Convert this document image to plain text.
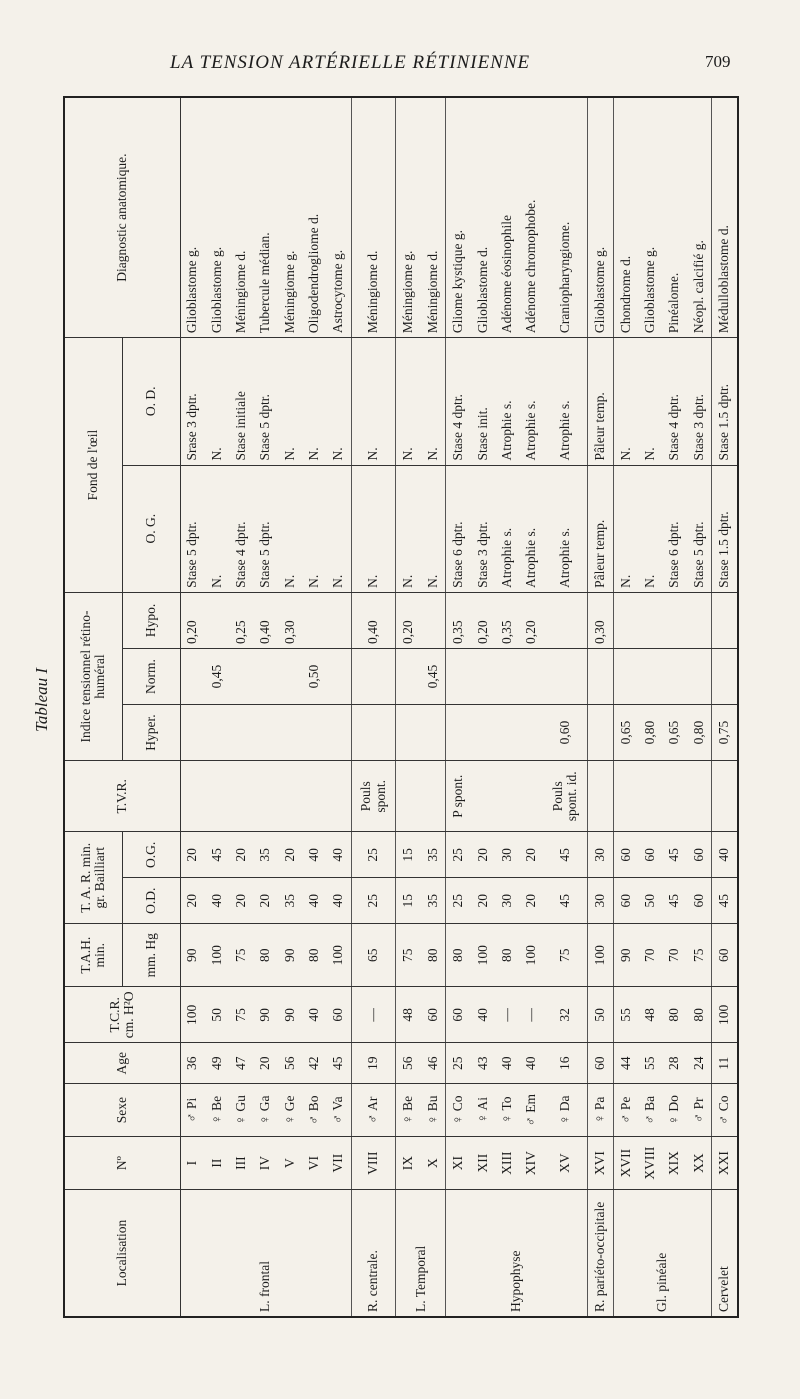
LA TENSION ARTÉRIELLE RÉTINIENNE	709
Tableau I
Localisation	Nº	Sexe	Age	T.C.R. cm. H²O	T.A.H. min.	T. A. R. min. gr. Bailliart		T.V.R.	Indice tensionnel rétino-huméral			Fond de l'œil		Diagnostic anatomique.
					mm. Hg	O.D.	O.G.		Hyper.	Norm.	Hypo.	O. G.	O. D.	
L. frontal	I	♂ Pi	36	100	90	20	20				0,20	Stase 5 dptr.	Srase 3 dptr.	Glioblastome g.
	II	♀ Be	49	50	100	40	45			0,45		N.	N.	Glioblastome g.
	III	♀ Gu	47	75	75	20	20				0,25	Stase 4 dptr.	Stase initiale	Méningiome d.
	IV	♀ Ga	20	90	80	20	35				0,40	Stase 5 dptr.	Stase 5 dptr.	Tubercule médian.
	V	♀ Ge	56	90	90	35	20				0,30	N.	N.	Méningiome g.
	VI	♂ Bo	42	40	80	40	40			0,50		N.	N.	Oligodendrogliome d.
	VII	♂ Va	45	60	100	40	40					N.	N.	Astrocytome g.
R. centrale.	VIII	♂ Ar	19	—	65	25	25	Pouls spont.			0,40	N.	N.	Méningiome d.
L. Temporal	IX	♀ Be	56	48	75	15	15				0,20	N.	N.	Méningiome g.
	X	♀ Bu	46	60	80	35	35			0,45		N.	N.	Méningiome d.
Hypophyse	XI	♀ Co	25	60	80	25	25	P spont.			0,35	Stase 6 dptr.	Stase 4 dptr.	Gliome kystique g.
	XII	♀ Ai	43	40	100	20	20				0,20	Stase 3 dptr.	Stase init.	Glioblastome d.
	XIII	♀ To	40	—	80	30	30				0,35	Atrophie s.	Atrophie s.	Adénome éosinophile
	XIV	♂ Em	40	—	100	20	20				0,20	Atrophie s.	Atrophie s.	Adénome chromophobe.
	XV	♀ Da	16	32	75	45	45	Pouls spont. id.	0,60			Atrophie s.	Atrophie s.	Craniopharyngiome.
R. pariéto-occipitale	XVI	♀ Pa	60	50	100	30	30				0,30	Pâleur temp.	Pâleur temp.	Glioblastome g.
Gl. pinéale	XVII	♂ Pe	44	55	90	60	60		0,65			N.	N.	Chondrome d.
	XVIII	♂ Ba	55	48	70	50	60		0,80			N.	N.	Glioblastome g.
	XIX	♀ Do	28	80	70	45	45		0,65			Stase 6 dptr.	Stase 4 dptr.	Pinéalome.
	XX	♂ Pr	24	80	75	60	60		0,80			Stase 5 dptr.	Stase 3 dptr.	Néopl. calcifié g.
Cervelet	XXI	♂ Co	11	100	60	45	40		0,75			Stase 1.5 dptr.	Stase 1.5 dptr.	Médulloblastome d.
